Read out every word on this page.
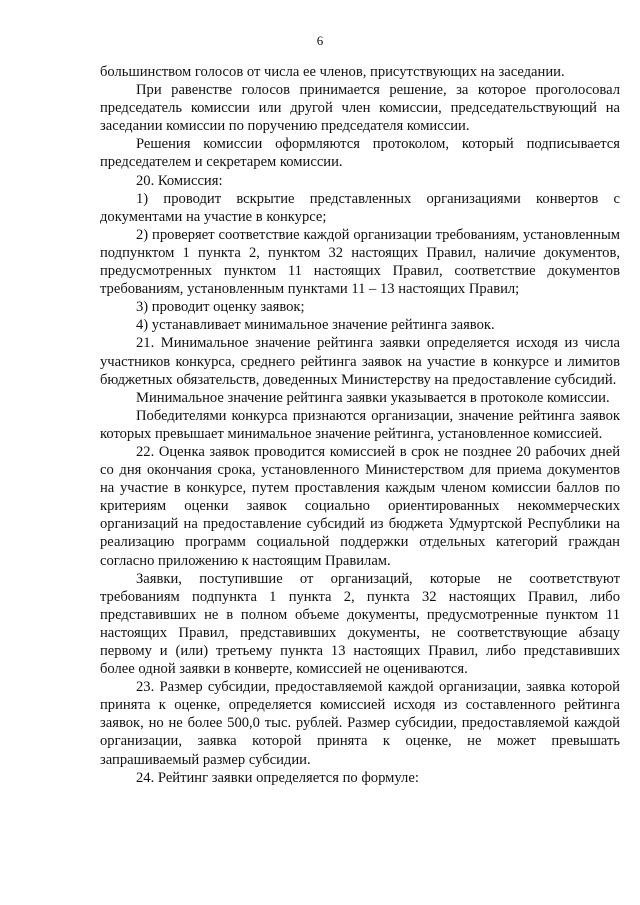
6

большинством голосов от числа ее членов, присутствующих на заседании.

При равенстве голосов принимается решение, за которое проголосовал председатель комиссии или другой член комиссии, председательствующий на заседании комиссии по поручению председателя комиссии.

Решения комиссии оформляются протоколом, который подписывается председателем и секретарем комиссии.

20. Комиссия:

1) проводит вскрытие представленных организациями конвертов с документами на участие в конкурсе;

2) проверяет соответствие каждой организации требованиям, установленным подпунктом 1 пункта 2, пунктом 32 настоящих Правил, наличие документов, предусмотренных пунктом 11 настоящих Правил, соответствие документов требованиям, установленным пунктами 11 – 13 настоящих Правил;

3) проводит оценку заявок;

4) устанавливает минимальное значение рейтинга заявок.

21. Минимальное значение рейтинга заявки определяется исходя из числа участников конкурса, среднего рейтинга заявок на участие в конкурсе и лимитов бюджетных обязательств, доведенных Министерству на предоставление субсидий.

Минимальное значение рейтинга заявки указывается в протоколе комиссии.

Победителями конкурса признаются организации, значение рейтинга заявок которых превышает минимальное значение рейтинга, установленное комиссией.

22. Оценка заявок проводится комиссией в срок не позднее 20 рабочих дней со дня окончания срока, установленного Министерством для приема документов на участие в конкурсе, путем проставления каждым членом комиссии баллов по критериям оценки заявок социально ориентированных некоммерческих организаций на предоставление субсидий из бюджета Удмуртской Республики на реализацию программ социальной поддержки отдельных категорий граждан согласно приложению к настоящим Правилам.

Заявки, поступившие от организаций, которые не соответствуют требованиям подпункта 1 пункта 2, пункта 32 настоящих Правил, либо представивших не в полном объеме документы, предусмотренные пунктом 11 настоящих Правил, представивших документы, не соответствующие абзацу первому и (или) третьему пункта 13 настоящих Правил, либо представивших более одной заявки в конверте, комиссией не оцениваются.

23. Размер субсидии, предоставляемой каждой организации, заявка которой принята к оценке, определяется комиссией исходя из составленного рейтинга заявок, но не более 500,0 тыс. рублей. Размер субсидии, предоставляемой каждой организации, заявка которой принята к оценке, не может превышать запрашиваемый размер субсидии.

24. Рейтинг заявки определяется по формуле:
